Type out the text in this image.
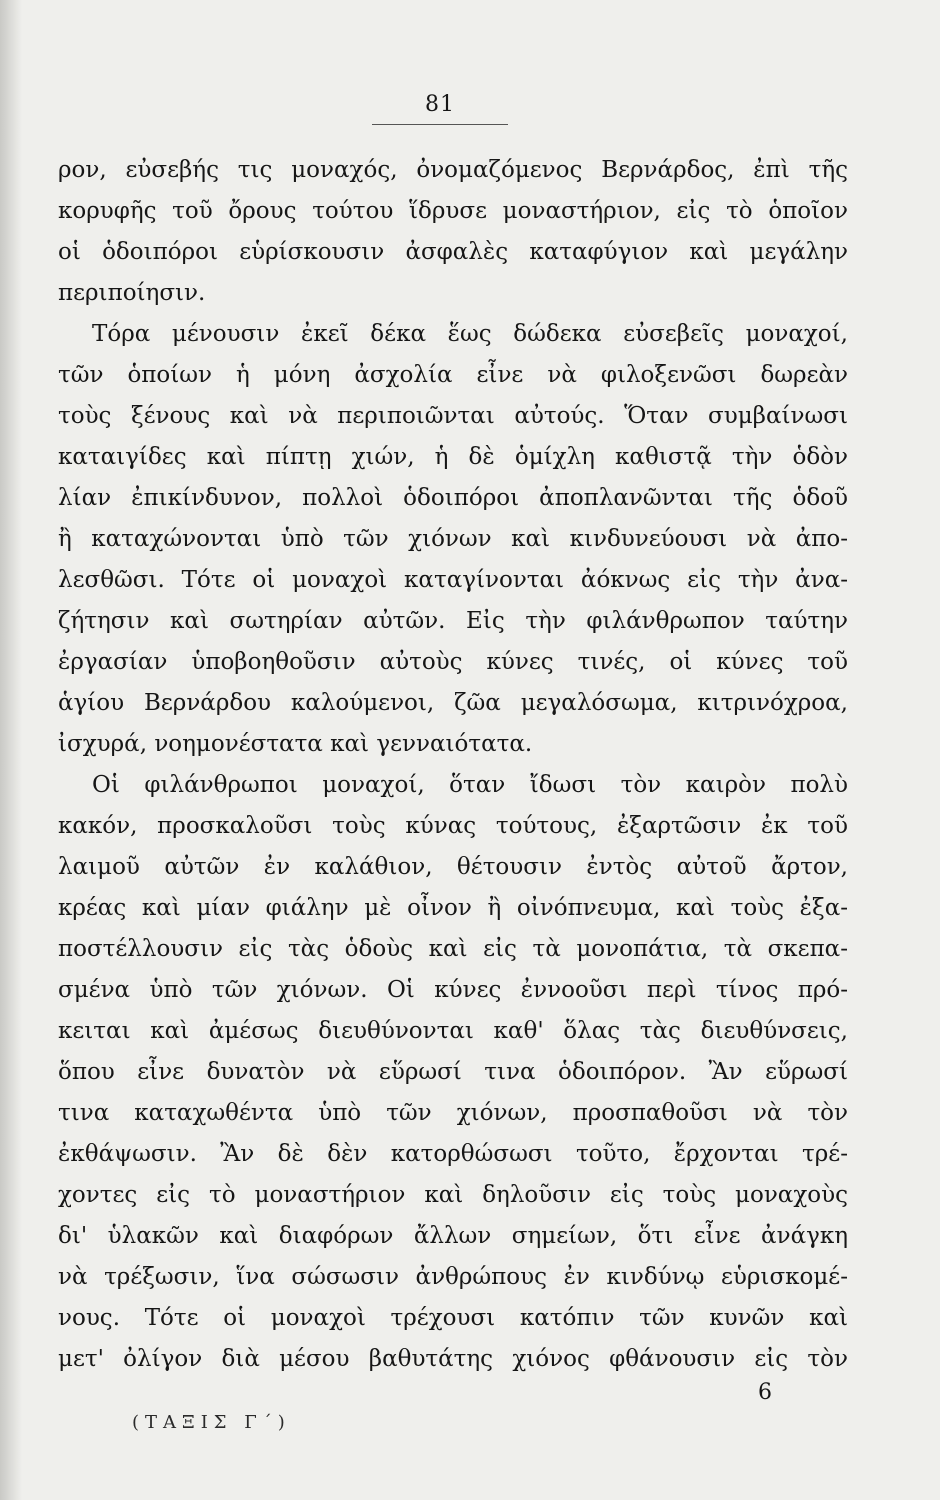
81
ρον, εὐσεβής τις μοναχός, ὀνομαζόμενος Βερνάρδος, ἐπὶ τῆς
κορυφῆς τοῦ ὄρους τούτου ἵδρυσε μοναστήριον, εἰς τὸ ὁποῖον
οἱ ὁδοιπόροι εὑρίσκουσιν ἀσφαλὲς καταφύγιον καὶ μεγάλην
περιποίησιν.
Τόρα μένουσιν ἐκεῖ δέκα ἕως δώδεκα εὐσεβεῖς μοναχοί,
τῶν ὁποίων ἡ μόνη ἀσχολία εἶνε νὰ φιλοξενῶσι δωρεὰν
τοὺς ξένους καὶ νὰ περιποιῶνται αὐτούς. Ὅταν συμβαίνωσι
καταιγίδες καὶ πίπτῃ χιών, ἡ δὲ ὁμίχλη καθιστᾷ τὴν ὁδὸν
λίαν ἐπικίνδυνον, πολλοὶ ὁδοιπόροι ἀποπλανῶνται τῆς ὁδοῦ
ἢ καταχώνονται ὑπὸ τῶν χιόνων καὶ κινδυνεύουσι νὰ ἀπο-
λεσθῶσι. Τότε οἱ μοναχοὶ καταγίνονται ἀόκνως εἰς τὴν ἀνα-
ζήτησιν καὶ σωτηρίαν αὐτῶν. Εἰς τὴν φιλάνθρωπον ταύτην
ἐργασίαν ὑποβοηθοῦσιν αὐτοὺς κύνες τινές, οἱ κύνες τοῦ
ἁγίου Βερνάρδου καλούμενοι, ζῶα μεγαλόσωμα, κιτρινόχροα,
ἰσχυρά, νοημονέστατα καὶ γενναιότατα.
Οἱ φιλάνθρωποι μοναχοί, ὅταν ἴδωσι τὸν καιρὸν πολὺ
κακόν, προσκαλοῦσι τοὺς κύνας τούτους, ἐξαρτῶσιν ἐκ τοῦ
λαιμοῦ αὐτῶν ἐν καλάθιον, θέτουσιν ἐντὸς αὐτοῦ ἄρτον,
κρέας καὶ μίαν φιάλην μὲ οἶνον ἢ οἰνόπνευμα, καὶ τοὺς ἐξα-
ποστέλλουσιν εἰς τὰς ὁδοὺς καὶ εἰς τὰ μονοπάτια, τὰ σκεπα-
σμένα ὑπὸ τῶν χιόνων. Οἱ κύνες ἐννοοῦσι περὶ τίνος πρό-
κειται καὶ ἀμέσως διευθύνονται καθ' ὅλας τὰς διευθύνσεις,
ὅπου εἶνε δυνατὸν νὰ εὕρωσί τινα ὁδοιπόρον. Ἂν εὕρωσί
τινα καταχωθέντα ὑπὸ τῶν χιόνων, προσπαθοῦσι νὰ τὸν
ἐκθάψωσιν. Ἂν δὲ δὲν κατορθώσωσι τοῦτο, ἔρχονται τρέ-
χοντες εἰς τὸ μοναστήριον καὶ δηλοῦσιν εἰς τοὺς μοναχοὺς
δι' ὑλακῶν καὶ διαφόρων ἄλλων σημείων, ὅτι εἶνε ἀνάγκη
νὰ τρέξωσιν, ἵνα σώσωσιν ἀνθρώπους ἐν κινδύνῳ εὑρισκομέ-
νους. Τότε οἱ μοναχοὶ τρέχουσι κατόπιν τῶν κυνῶν καὶ
μετ' ὀλίγον διὰ μέσου βαθυτάτης χιόνος φθάνουσιν εἰς τὸν
6
(ΤΑΞΙΣ Γ΄)
